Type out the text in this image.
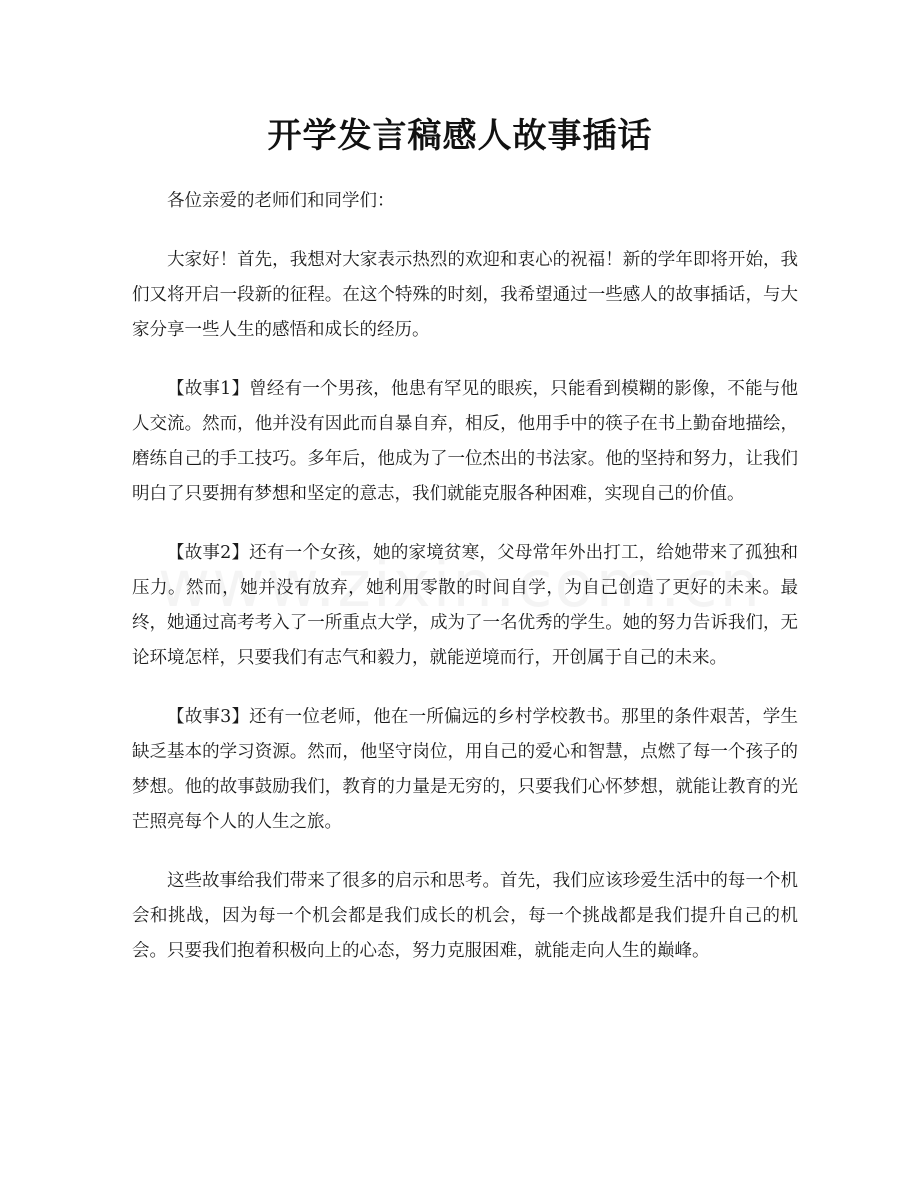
开学发言稿感人故事插话

各位亲爱的老师们和同学们：

大家好！首先，我想对大家表示热烈的欢迎和衷心的祝福！新的学年即将开始，我们又将开启一段新的征程。在这个特殊的时刻，我希望通过一些感人的故事插话，与大家分享一些人生的感悟和成长的经历。

【故事1】曾经有一个男孩，他患有罕见的眼疾，只能看到模糊的影像，不能与他人交流。然而，他并没有因此而自暴自弃，相反，他用手中的筷子在书上勤奋地描绘，磨练自己的手工技巧。多年后，他成为了一位杰出的书法家。他的坚持和努力，让我们明白了只要拥有梦想和坚定的意志，我们就能克服各种困难，实现自己的价值。

【故事2】还有一个女孩，她的家境贫寒，父母常年外出打工，给她带来了孤独和压力。然而，她并没有放弃，她利用零散的时间自学，为自己创造了更好的未来。最终，她通过高考考入了一所重点大学，成为了一名优秀的学生。她的努力告诉我们，无论环境怎样，只要我们有志气和毅力，就能逆境而行，开创属于自己的未来。

【故事3】还有一位老师，他在一所偏远的乡村学校教书。那里的条件艰苦，学生缺乏基本的学习资源。然而，他坚守岗位，用自己的爱心和智慧，点燃了每一个孩子的梦想。他的故事鼓励我们，教育的力量是无穷的，只要我们心怀梦想，就能让教育的光芒照亮每个人的人生之旅。

这些故事给我们带来了很多的启示和思考。首先，我们应该珍爱生活中的每一个机会和挑战，因为每一个机会都是我们成长的机会，每一个挑战都是我们提升自己的机会。只要我们抱着积极向上的心态，努力克服困难，就能走向人生的巅峰。
